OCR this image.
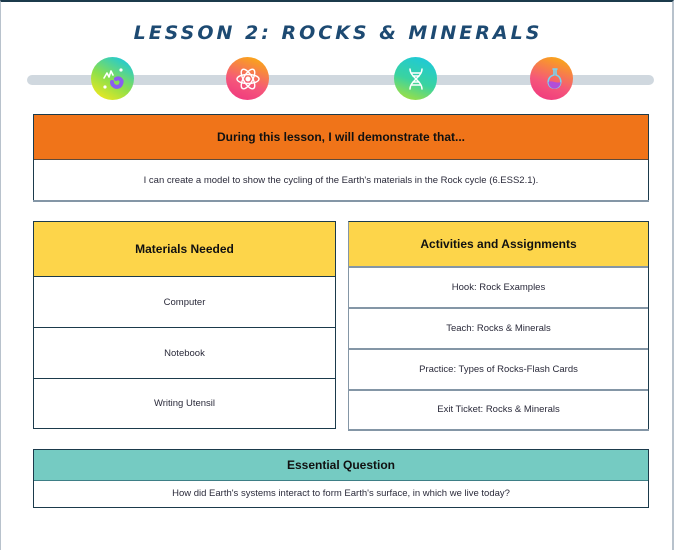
LESSON 2: ROCKS & MINERALS
During this lesson, I will demonstrate that...
I can create a model to show the cycling of the Earth's materials in the Rock cycle (6.ESS2.1).
Materials Needed
Computer
Notebook
Writing Utensil
Activities and Assignments
Hook: Rock Examples
Teach: Rocks & Minerals
Practice: Types of Rocks-Flash Cards
Exit Ticket: Rocks & Minerals
Essential Question
How did Earth's systems interact to form Earth's surface, in which we live today?
